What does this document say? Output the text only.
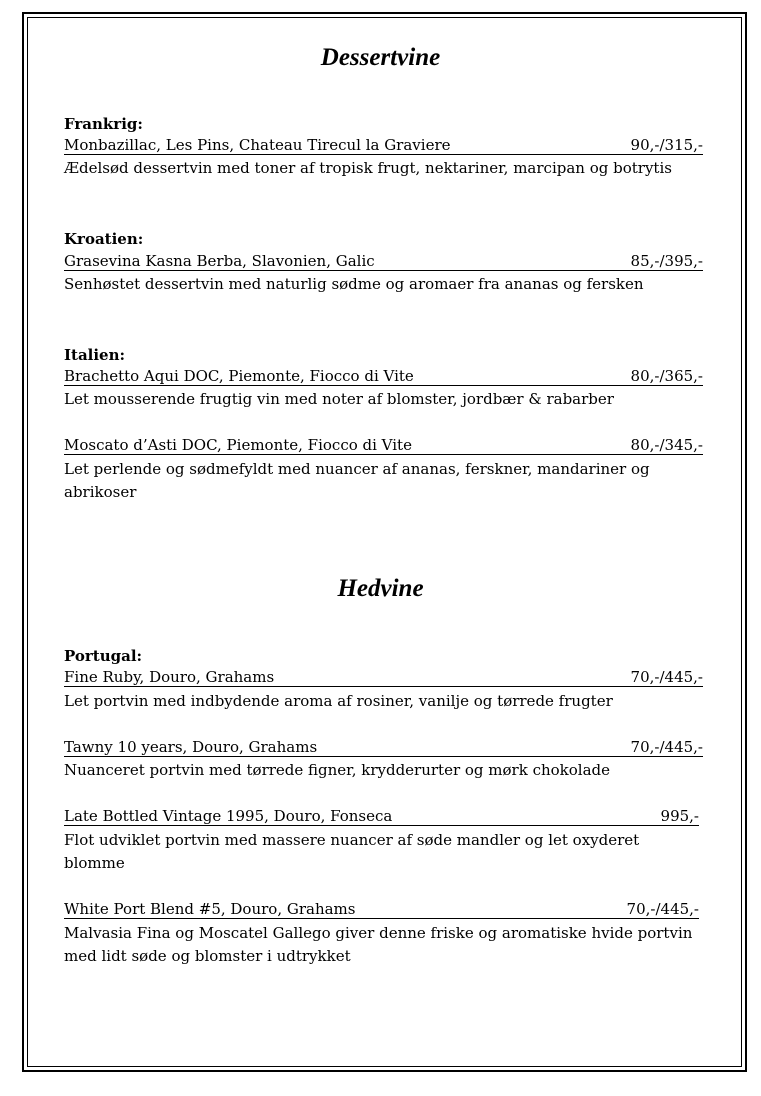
Dessertvine
Frankrig:
Monbazillac, Les Pins, Chateau Tirecul la Graviere	90,-/315,-
Ædelsød dessertvin med toner af tropisk frugt, nektariner, marcipan og botrytis
Kroatien:
Grasevina Kasna Berba, Slavonien, Galic	85,-/395,-
Senhøstet dessertvin med naturlig sødme og aromaer fra ananas og fersken
Italien:
Brachetto Aqui DOC, Piemonte, Fiocco di Vite	80,-/365,-
Let mousserende frugtig vin med noter af blomster, jordbær & rabarber
Moscato d’Asti DOC, Piemonte, Fiocco di Vite	80,-/345,-
Let perlende og sødmefyldt med nuancer af ananas, ferskner, mandariner og abrikoser
Hedvine
Portugal:
Fine Ruby, Douro, Grahams	70,-/445,-
Let portvin med indbydende aroma af rosiner, vanilje og tørrede frugter
Tawny 10 years, Douro, Grahams	70,-/445,-
Nuanceret portvin med tørrede figner, krydderurter og mørk chokolade
Late Bottled Vintage 1995, Douro, Fonseca	995,-
Flot udviklet portvin med massere nuancer af søde mandler og let oxyderet blomme
White Port Blend #5, Douro, Grahams	70,-/445,-
Malvasia Fina og Moscatel Gallego giver denne friske og aromatiske hvide portvin med lidt søde og blomster i udtrykket
